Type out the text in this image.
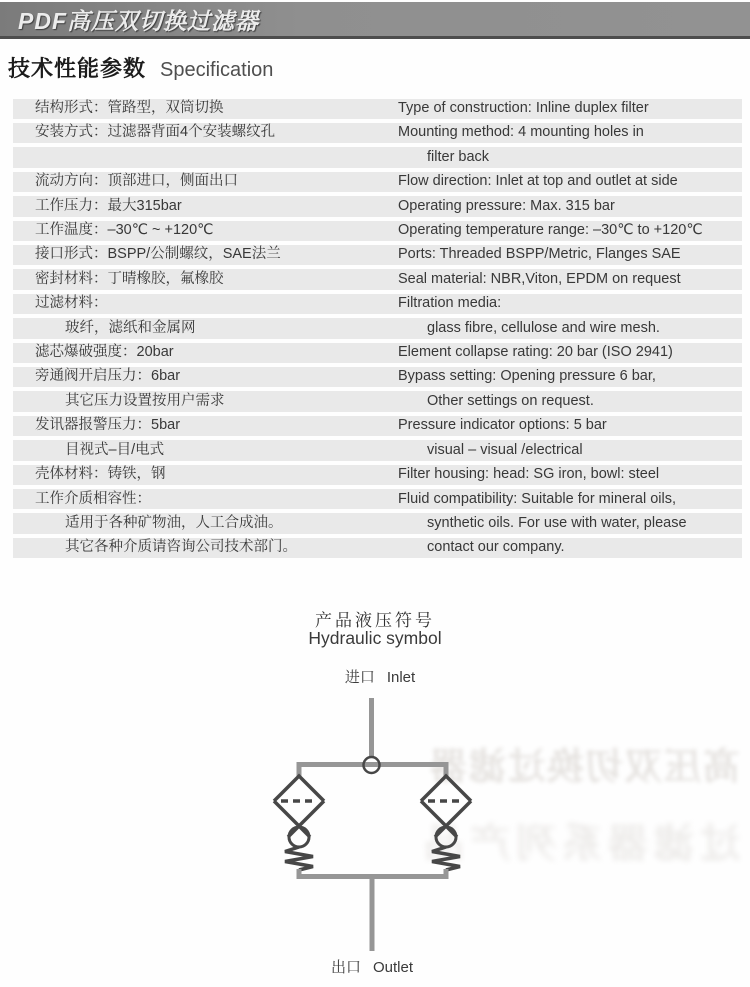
PDF高压双切换过滤器
技术性能参数 Specification
结构形式：管路型，双筒切换	Type of construction: Inline duplex filter
安装方式：过滤器背面4个安装螺纹孔	Mounting method: 4 mounting holes in
filter back
流动方向：顶部进口，侧面出口	Flow direction: Inlet at top and outlet at side
工作压力：最大315bar	Operating pressure: Max. 315 bar
工作温度：–30℃ ~ +120℃	Operating temperature range: –30℃ to +120℃
接口形式：BSPP/公制螺纹，SAE法兰	Ports: Threaded BSPP/Metric, Flanges SAE
密封材料：丁晴橡胶，氟橡胶	Seal material: NBR,Viton, EPDM on request
过滤材料：	Filtration media:
玻纤，滤纸和金属网	glass fibre, cellulose and wire mesh.
滤芯爆破强度：20bar	Element collapse rating: 20 bar (ISO 2941)
旁通阀开启压力：6bar	Bypass setting: Opening pressure 6 bar,
其它压力设置按用户需求	Other settings on request.
发讯器报警压力：5bar	Pressure indicator options: 5 bar
目视式–目/电式	visual – visual /electrical
壳体材料：铸铁，钢	Filter housing: head: SG iron, bowl: steel
工作介质相容性：	Fluid compatibility: Suitable for mineral oils,
适用于各种矿物油，人工合成油。	synthetic oils. For use with water, please
其它各种介质请咨询公司技术部门。	contact our company.
高压双切换过滤器
过滤器系列产品
产品液压符号
Hydraulic symbol
进口 Inlet
出口 Outlet
